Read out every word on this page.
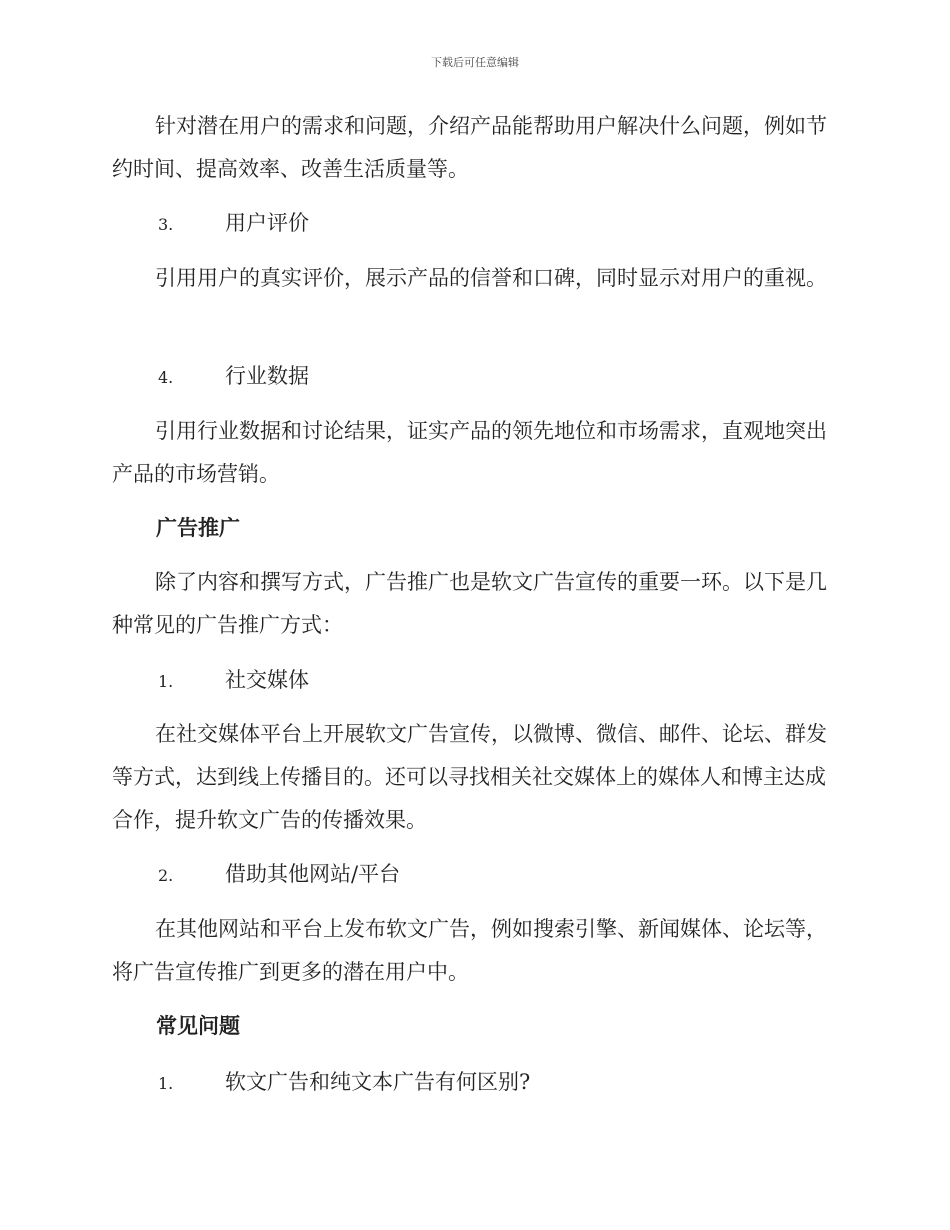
下载后可任意编辑

针对潜在用户的需求和问题，介绍产品能帮助用户解决什么问题，例如节约时间、提高效率、改善生活质量等。

3. 用户评价

引用用户的真实评价，展示产品的信誉和口碑，同时显示对用户的重视。

4. 行业数据

引用行业数据和讨论结果，证实产品的领先地位和市场需求，直观地突出产品的市场营销。

广告推广

除了内容和撰写方式，广告推广也是软文广告宣传的重要一环。以下是几种常见的广告推广方式：

1. 社交媒体

在社交媒体平台上开展软文广告宣传，以微博、微信、邮件、论坛、群发等方式，达到线上传播目的。还可以寻找相关社交媒体上的媒体人和博主达成合作，提升软文广告的传播效果。

2. 借助其他网站/平台

在其他网站和平台上发布软文广告，例如搜索引擎、新闻媒体、论坛等，将广告宣传推广到更多的潜在用户中。

常见问题
1. 软文广告和纯文本广告有何区别?
